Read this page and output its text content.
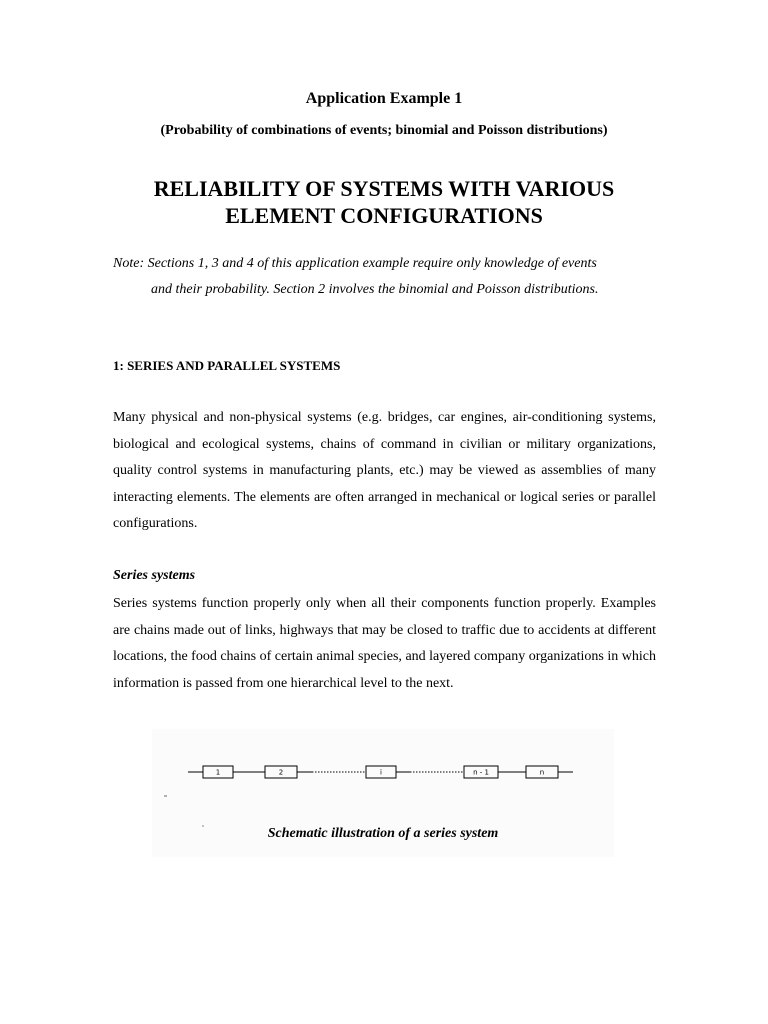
Application Example 1
(Probability of combinations of events; binomial and Poisson distributions)
RELIABILITY OF SYSTEMS WITH VARIOUS
ELEMENT CONFIGURATIONS
Note: Sections 1, 3 and 4 of this application example require only knowledge of events
and their probability. Section 2 involves the binomial and Poisson distributions.
1: SERIES AND PARALLEL SYSTEMS
Many physical and non-physical systems (e.g. bridges, car engines, air-conditioning systems, biological and ecological systems, chains of command in civilian or military organizations, quality control systems in manufacturing plants, etc.) may be viewed as assemblies of many interacting elements. The elements are often arranged in mechanical or logical series or parallel configurations.
Series systems
Series systems function properly only when all their components function properly. Examples are chains made out of links, highways that may be closed to traffic due to accidents at different locations, the food chains of certain animal species, and layered company organizations in which information is passed from one hierarchical level to the next.
1	2	i	n - 1	n
Schematic illustration of a series system
